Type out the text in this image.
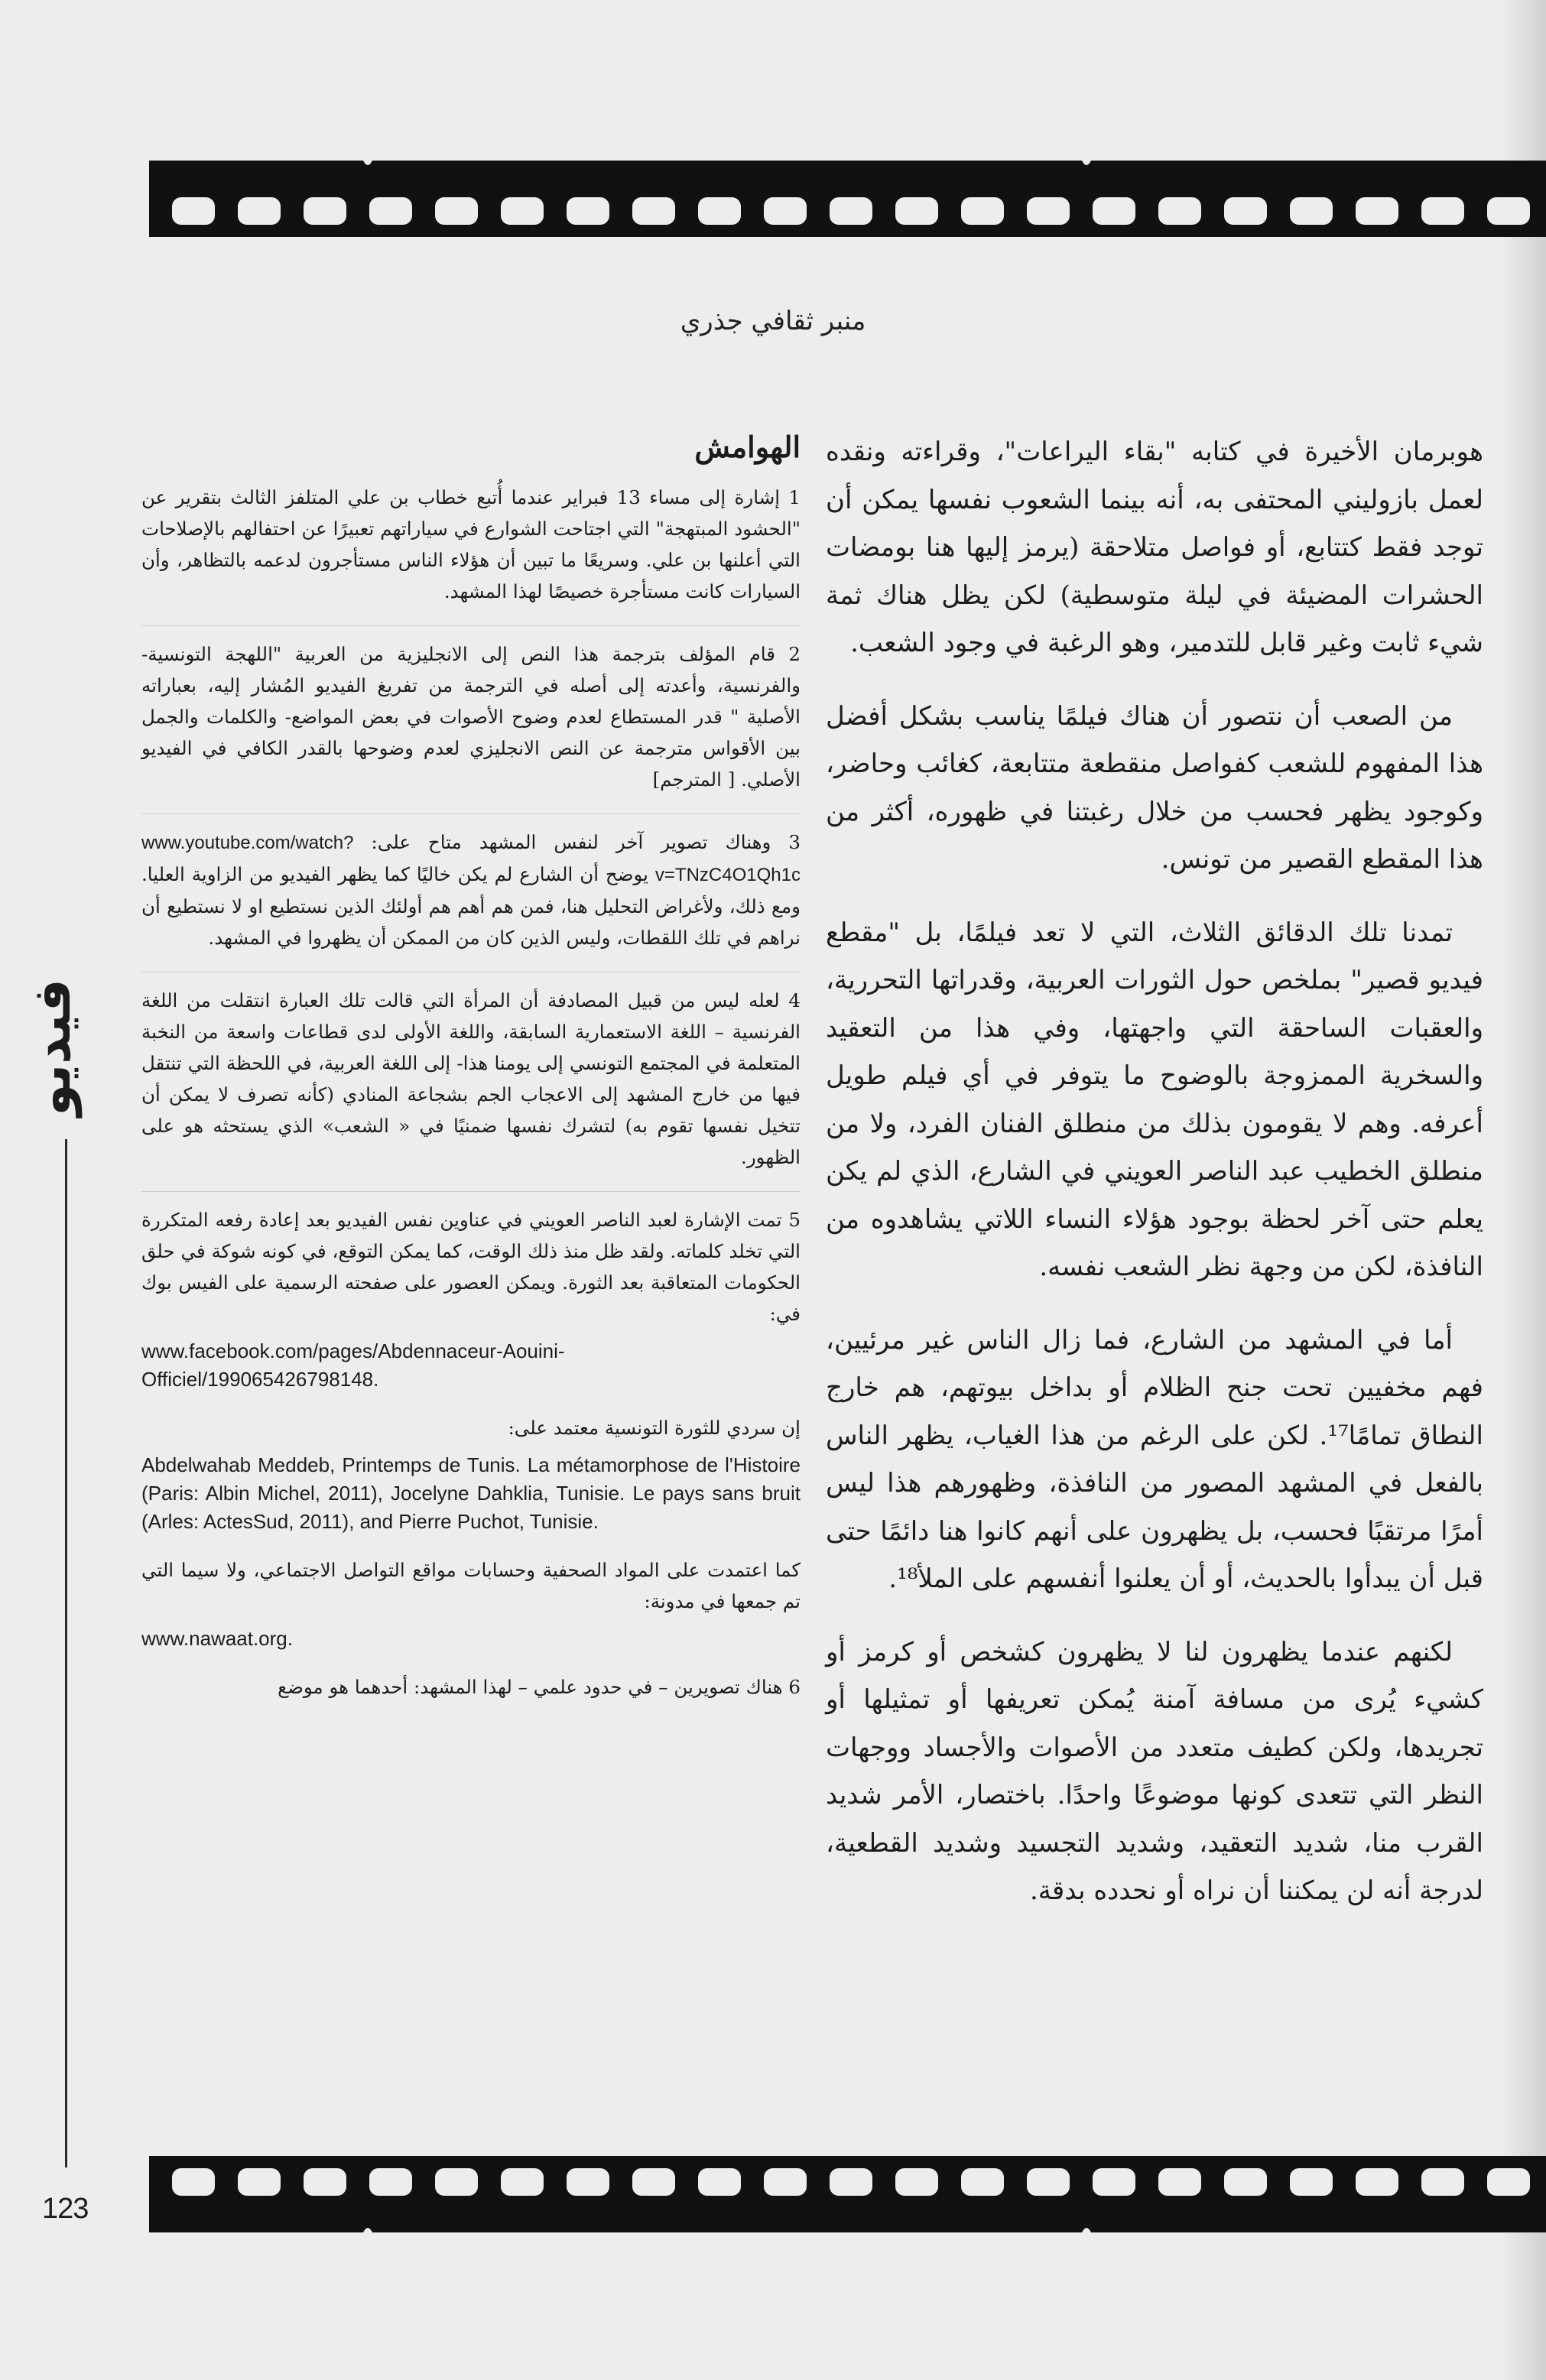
منبر ثقافي جذري

هوبرمان الأخيرة في كتابه "بقاء اليراعات"، وقراءته ونقده لعمل بازوليني المحتفى به، أنه بينما الشعوب نفسها يمكن أن توجد فقط كتتابع، أو فواصل متلاحقة (يرمز إليها هنا بومضات الحشرات المضيئة في ليلة متوسطية) لكن يظل هناك ثمة شيء ثابت وغير قابل للتدمير، وهو الرغبة في وجود الشعب.

من الصعب أن نتصور أن هناك فيلمًا يناسب بشكل أفضل هذا المفهوم للشعب كفواصل منقطعة متتابعة، كغائب وحاضر، وكوجود يظهر فحسب من خلال رغبتنا في ظهوره، أكثر من هذا المقطع القصير من تونس.

تمدنا تلك الدقائق الثلاث، التي لا تعد فيلمًا، بل "مقطع فيديو قصير" بملخص حول الثورات العربية، وقدراتها التحررية، والعقبات الساحقة التي واجهتها، وفي هذا من التعقيد والسخرية الممزوجة بالوضوح ما يتوفر في أي فيلم طويل أعرفه. وهم لا يقومون بذلك من منطلق الفنان الفرد، ولا من منطلق الخطيب عبد الناصر العويني في الشارع، الذي لم يكن يعلم حتى آخر لحظة بوجود هؤلاء النساء اللاتي يشاهدوه من النافذة، لكن من وجهة نظر الشعب نفسه.

أما في المشهد من الشارع، فما زال الناس غير مرئيين، فهم مخفيين تحت جنح الظلام أو بداخل بيوتهم، هم خارج النطاق تمامًا¹⁷. لكن على الرغم من هذا الغياب، يظهر الناس بالفعل في المشهد المصور من النافذة، وظهورهم هذا ليس أمرًا مرتقبًا فحسب، بل يظهرون على أنهم كانوا هنا دائمًا حتى قبل أن يبدأوا بالحديث، أو أن يعلنوا أنفسهم على الملأ¹⁸.

لكنهم عندما يظهرون لنا لا يظهرون كشخص أو كرمز أو كشيء يُرى من مسافة آمنة يُمكن تعريفها أو تمثيلها أو تجريدها، ولكن كطيف متعدد من الأصوات والأجساد ووجهات النظر التي تتعدى كونها موضوعًا واحدًا. باختصار، الأمر شديد القرب منا، شديد التعقيد، وشديد التجسيد وشديد القطعية، لدرجة أنه لن يمكننا أن نراه أو نحدده بدقة.

الهوامش

1 إشارة إلى مساء 13 فبراير عندما أُتبع خطاب بن علي المتلفز الثالث بتقرير عن "الحشود المبتهجة" التي اجتاحت الشوارع في سياراتهم تعبيرًا عن احتفالهم بالإصلاحات التي أعلنها بن علي. وسريعًا ما تبين أن هؤلاء الناس مستأجرون لدعمه بالتظاهر، وأن السيارات كانت مستأجرة خصيصًا لهذا المشهد.

2 قام المؤلف بترجمة هذا النص إلى الانجليزية من العربية "اللهجة التونسية- والفرنسية، وأعدته إلى أصله في الترجمة من تفريغ الفيديو المُشار إليه، بعباراته الأصلية " قدر المستطاع لعدم وضوح الأصوات في بعض المواضع- والكلمات والجمل بين الأقواس مترجمة عن النص الانجليزي لعدم وضوحها بالقدر الكافي في الفيديو الأصلي. [ المترجم]

3 وهناك تصوير آخر لنفس المشهد متاح على: www.youtube.com/watch?v=TNzC4O1Qh1c يوضح أن الشارع لم يكن خاليًا كما يظهر الفيديو من الزاوية العليا. ومع ذلك، ولأغراض التحليل هنا، فمن هم أهم هم أولئك الذين نستطيع او لا نستطيع أن نراهم في تلك اللقطات، وليس الذين كان من الممكن أن يظهروا في المشهد.

4 لعله ليس من قبيل المصادفة أن المرأة التي قالت تلك العبارة انتقلت من اللغة الفرنسية – اللغة الاستعمارية السابقة، واللغة الأولى لدى قطاعات واسعة من النخبة المتعلمة في المجتمع التونسي إلى يومنا هذا- إلى اللغة العربية، في اللحظة التي تنتقل فيها من خارج المشهد إلى الاعجاب الجم بشجاعة المنادي (كأنه تصرف لا يمكن أن تتخيل نفسها تقوم به) لتشرك نفسها ضمنيًا في « الشعب» الذي يستحثه هو على الظهور.

5 تمت الإشارة لعبد الناصر العويني في عناوين نفس الفيديو بعد إعادة رفعه المتكررة التي تخلد كلماته. ولقد ظل منذ ذلك الوقت، كما يمكن التوقع، في كونه شوكة في حلق الحكومات المتعاقبة بعد الثورة. ويمكن العصور على صفحته الرسمية على الفيس بوك في:

www.facebook.com/pages/Abdennaceur-Aouini-Officiel/199065426798148.

إن سردي للثورة التونسية معتمد على:

Abdelwahab Meddeb, Printemps de Tunis. La métamorphose de l'Histoire (Paris: Albin Michel, 2011), Jocelyne Dahklia, Tunisie. Le pays sans bruit (Arles: ActesSud, 2011), and Pierre Puchot, Tunisie.

كما اعتمدت على المواد الصحفية وحسابات مواقع التواصل الاجتماعي، ولا سيما التي تم جمعها في مدونة:

www.nawaat.org.

6 هناك تصويرين – في حدود علمي – لهذا المشهد: أحدهما هو موضع

فيديو
123
